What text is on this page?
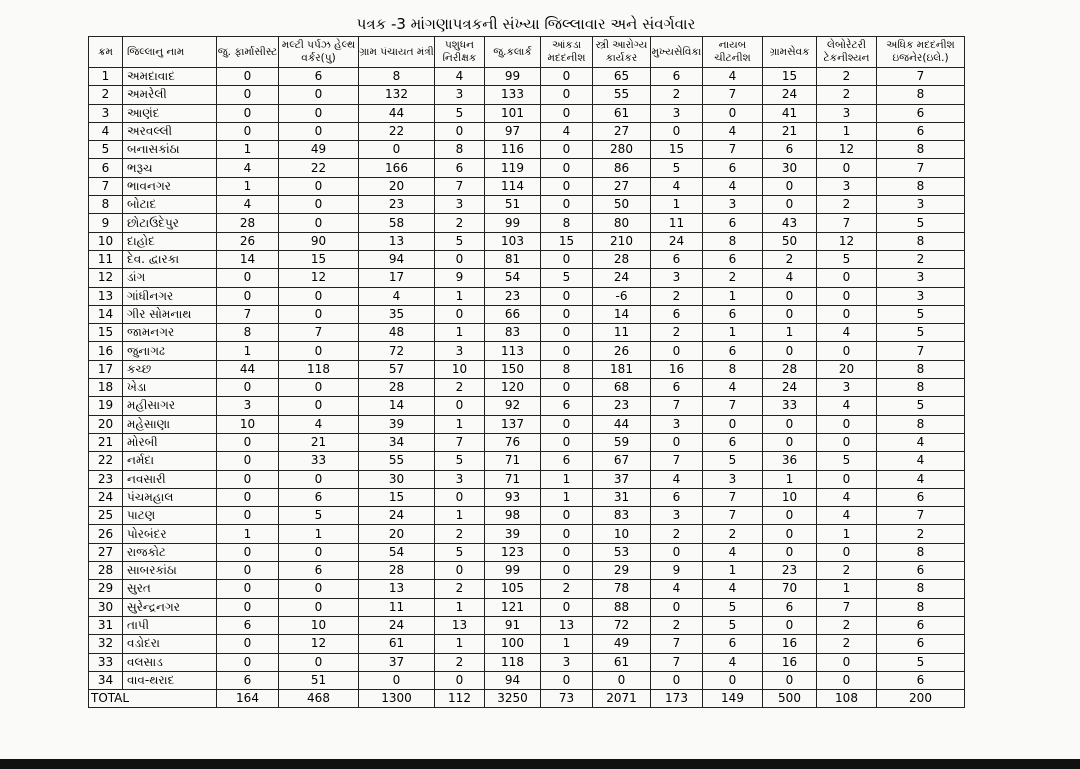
પત્રક -3 માંગણાપત્રકની સંખ્યા જિલ્લાવાર અને સંવર્ગવાર
ક્રમ	જિલ્લાનુ નામ	જુ. ફાર્માસીસ્ટ	મલ્ટી પર્પઝ હેલ્થ વર્કર(પુ)	ગ્રામ પંચાયત મંત્રી	પશુધન નિરીક્ષક	જુ.કલાર્ક	આંકડા મદદનીશ	સ્ત્રી આરોગ્ય કાર્યકર	મુખ્યસેવિકા	નાયબ ચીટનીશ	ગ્રામસેવક	લેબોરેટરી ટેકનીશ્યન	અધિક મદદનીશ ઇજનેર(ઇલે.)
1	અમદાવાદ	0	6	8	4	99	0	65	6	4	15	2	7
2	અમરેલી	0	0	132	3	133	0	55	2	7	24	2	8
3	આણંદ	0	0	44	5	101	0	61	3	0	41	3	6
4	અરવલ્લી	0	0	22	0	97	4	27	0	4	21	1	6
5	બનાસકાંઠા	1	49	0	8	116	0	280	15	7	6	12	8
6	ભરૂચ	4	22	166	6	119	0	86	5	6	30	0	7
7	ભાવનગર	1	0	20	7	114	0	27	4	4	0	3	8
8	બોટાદ	4	0	23	3	51	0	50	1	3	0	2	3
9	છોટાઉદેપુર	28	0	58	2	99	8	80	11	6	43	7	5
10	દાહોદ	26	90	13	5	103	15	210	24	8	50	12	8
11	દેવ. દ્વારકા	14	15	94	0	81	0	28	6	6	2	5	2
12	ડાંગ	0	12	17	9	54	5	24	3	2	4	0	3
13	ગાંધીનગર	0	0	4	1	23	0	-6	2	1	0	0	3
14	ગીર સોમનાથ	7	0	35	0	66	0	14	6	6	0	0	5
15	જામનગર	8	7	48	1	83	0	11	2	1	1	4	5
16	જુનાગઢ	1	0	72	3	113	0	26	0	6	0	0	7
17	કચ્છ	44	118	57	10	150	8	181	16	8	28	20	8
18	ખેડા	0	0	28	2	120	0	68	6	4	24	3	8
19	મહીસાગર	3	0	14	0	92	6	23	7	7	33	4	5
20	મહેસાણા	10	4	39	1	137	0	44	3	0	0	0	8
21	મોરબી	0	21	34	7	76	0	59	0	6	0	0	4
22	નર્મદા	0	33	55	5	71	6	67	7	5	36	5	4
23	નવસારી	0	0	30	3	71	1	37	4	3	1	0	4
24	પંચમહાલ	0	6	15	0	93	1	31	6	7	10	4	6
25	પાટણ	0	5	24	1	98	0	83	3	7	0	4	7
26	પોરબંદર	1	1	20	2	39	0	10	2	2	0	1	2
27	રાજકોટ	0	0	54	5	123	0	53	0	4	0	0	8
28	સાબરકાંઠા	0	6	28	0	99	0	29	9	1	23	2	6
29	સુરત	0	0	13	2	105	2	78	4	4	70	1	8
30	સુરેન્દ્રનગર	0	0	11	1	121	0	88	0	5	6	7	8
31	તાપી	6	10	24	13	91	13	72	2	5	0	2	6
32	વડોદરા	0	12	61	1	100	1	49	7	6	16	2	6
33	વલસાડ	0	0	37	2	118	3	61	7	4	16	0	5
34	વાવ-થરાદ	6	51	0	0	94	0	0	0	0	0	0	6
TOTAL		164	468	1300	112	3250	73	2071	173	149	500	108	200
